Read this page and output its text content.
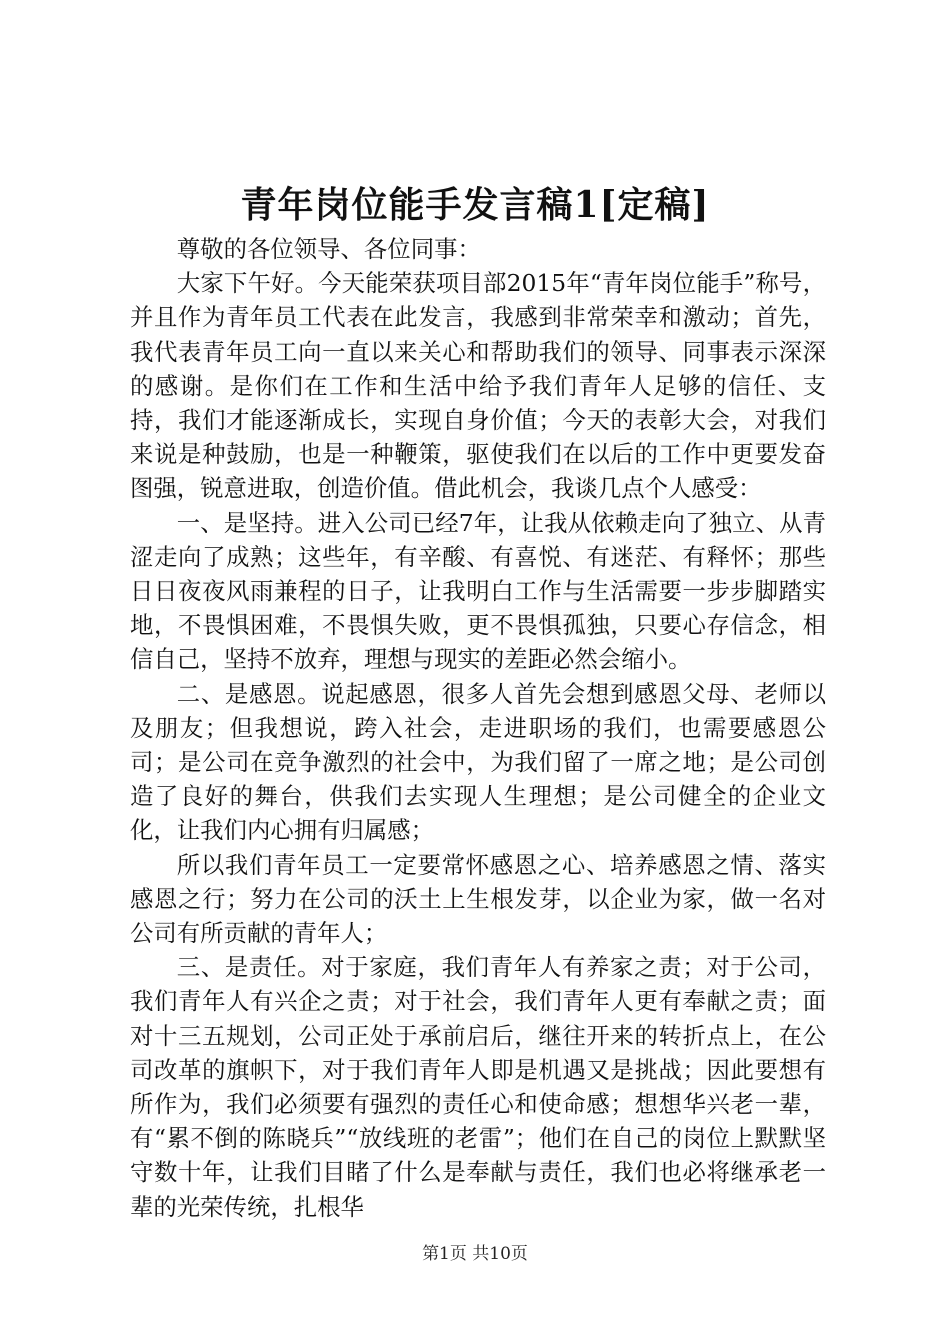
青年岗位能手发言稿1[定稿]

尊敬的各位领导、各位同事：

大家下午好。今天能荣获项目部2015年“青年岗位能手”称号，并且作为青年员工代表在此发言，我感到非常荣幸和激动；首先，我代表青年员工向一直以来关心和帮助我们的领导、同事表示深深的感谢。是你们在工作和生活中给予我们青年人足够的信任、支持，我们才能逐渐成长，实现自身价值；今天的表彰大会，对我们来说是种鼓励，也是一种鞭策，驱使我们在以后的工作中更要发奋图强，锐意进取，创造价值。借此机会，我谈几点个人感受：

一、是坚持。进入公司已经7年，让我从依赖走向了独立、从青涩走向了成熟；这些年，有辛酸、有喜悦、有迷茫、有释怀；那些日日夜夜风雨兼程的日子，让我明白工作与生活需要一步步脚踏实地，不畏惧困难，不畏惧失败，更不畏惧孤独，只要心存信念，相信自己，坚持不放弃，理想与现实的差距必然会缩小。

二、是感恩。说起感恩，很多人首先会想到感恩父母、老师以及朋友；但我想说，跨入社会，走进职场的我们，也需要感恩公司；是公司在竞争激烈的社会中，为我们留了一席之地；是公司创造了良好的舞台，供我们去实现人生理想；是公司健全的企业文化，让我们内心拥有归属感；

所以我们青年员工一定要常怀感恩之心、培养感恩之情、落实感恩之行；努力在公司的沃土上生根发芽，以企业为家，做一名对公司有所贡献的青年人；

三、是责任。对于家庭，我们青年人有养家之责；对于公司，我们青年人有兴企之责；对于社会，我们青年人更有奉献之责；面对十三五规划，公司正处于承前启后，继往开来的转折点上，在公司改革的旗帜下，对于我们青年人即是机遇又是挑战；因此要想有所作为，我们必须要有强烈的责任心和使命感；想想华兴老一辈，有“累不倒的陈晓兵”“放线班的老雷”；他们在自己的岗位上默默坚守数十年，让我们目睹了什么是奉献与责任，我们也必将继承老一辈的光荣传统，扎根华

第1页 共10页
